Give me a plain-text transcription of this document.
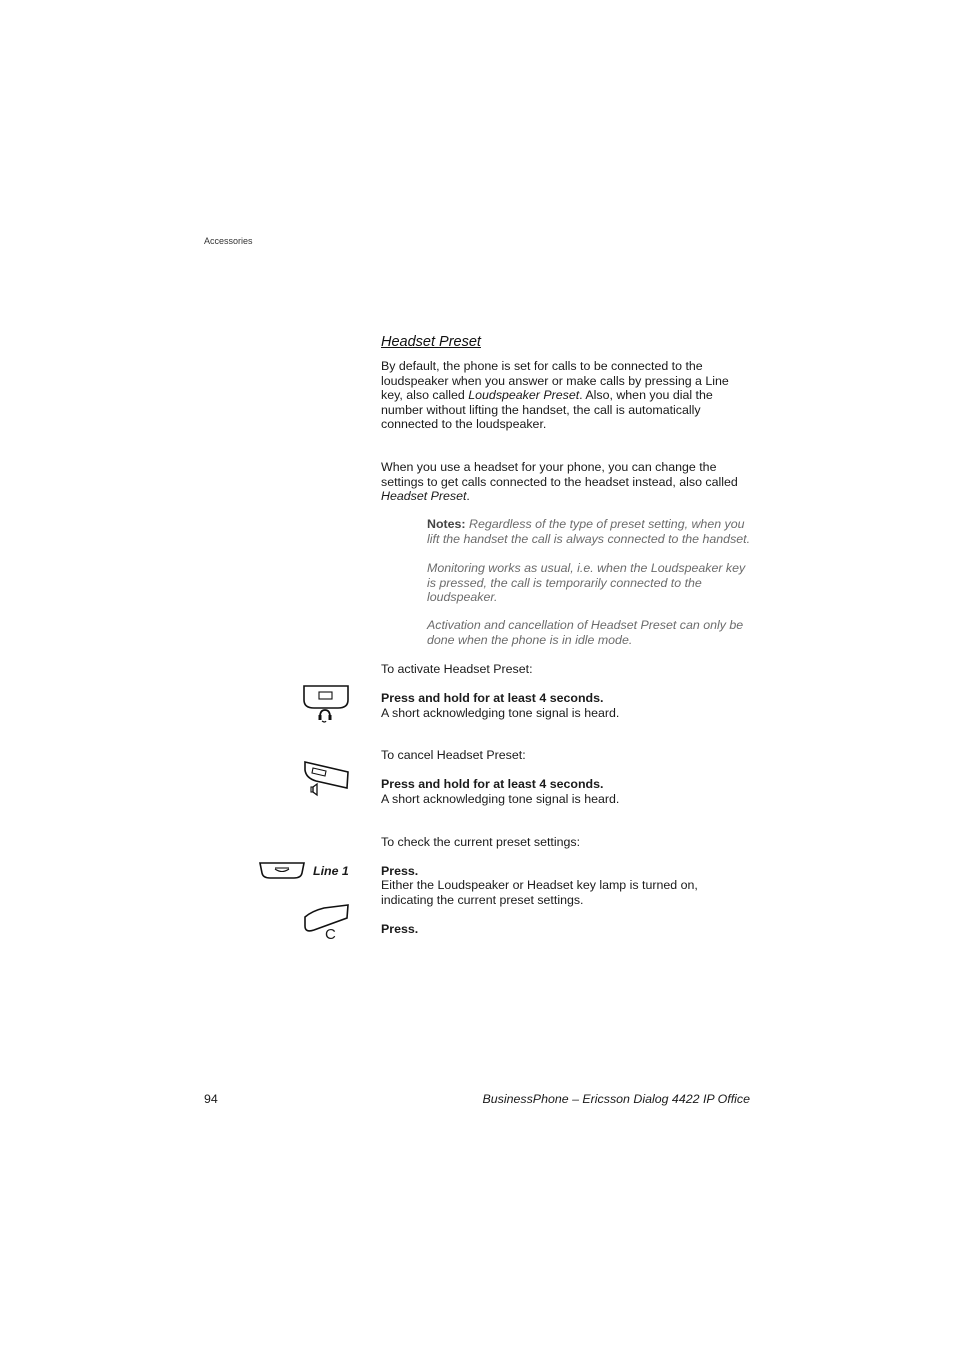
Accessories
Headset Preset
By default, the phone is set for calls to be connected to the loudspeaker when you answer or make calls by pressing a Line key, also called Loudspeaker Preset. Also, when you dial the number without lifting the handset, the call is automatically connected to the loudspeaker.
When you use a headset for your phone, you can change the settings to get calls connected to the headset instead, also called Headset Preset.
Notes: Regardless of the type of preset setting, when you lift the handset the call is always connected to the handset.
Monitoring works as usual, i.e. when the Loudspeaker key is pressed, the call is temporarily connected to the loudspeaker.
Activation and cancellation of Headset Preset can only be done when the phone is in idle mode.
To activate Headset Preset:
Press and hold for at least 4 seconds.
A short acknowledging tone signal is heard.
To cancel Headset Preset:
Press and hold for at least 4 seconds.
A short acknowledging tone signal is heard.
To check the current preset settings:
Line 1	Press.
Either the Loudspeaker or Headset key lamp is turned on, indicating the current preset settings.
C	Press.
94	BusinessPhone – Ericsson Dialog 4422 IP Office
